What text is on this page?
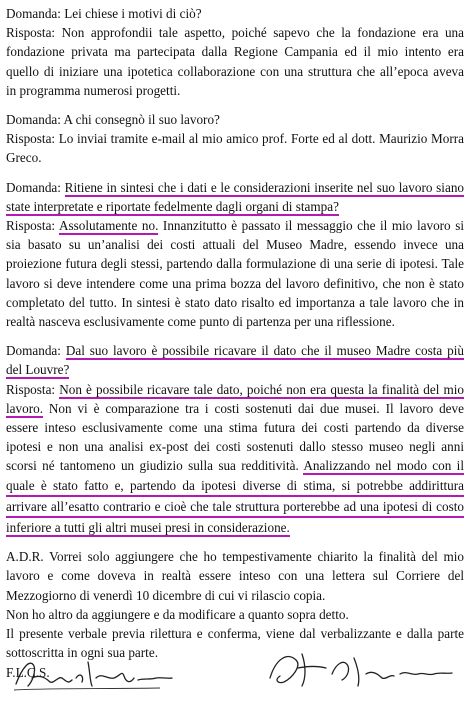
Domanda: Lei chiese i motivi di ciò?
Risposta: Non approfondii tale aspetto, poiché sapevo che la fondazione era una
fondazione privata ma partecipata dalla Regione Campania ed il mio intento era
quello di iniziare una ipotetica collaborazione con una struttura che all’epoca aveva
in programma numerosi progetti.
Domanda: A chi consegnò il suo lavoro?
Risposta: Lo inviai tramite e-mail al mio amico prof. Forte ed al dott. Maurizio Morra
Greco.
Domanda: Ritiene in sintesi che i dati e le considerazioni inserite nel suo lavoro siano
state interpretate e riportate fedelmente dagli organi di stampa?
Risposta: Assolutamente no. Innanzitutto è passato il messaggio che il mio lavoro si
sia basato su un’analisi dei costi attuali del Museo Madre, essendo invece una
proiezione futura degli stessi, partendo dalla formulazione di una serie di ipotesi. Tale
lavoro si deve intendere come una prima bozza del lavoro definitivo, che non è stato
completato del tutto. In sintesi è stato dato risalto ed importanza a tale lavoro che in
realtà nasceva esclusivamente come punto di partenza per una riflessione.
Domanda: Dal suo lavoro è possibile ricavare il dato che il museo Madre costa più
del Louvre?
Risposta: Non è possibile ricavare tale dato, poiché non era questa la finalità del mio
lavoro. Non vi è comparazione tra i costi sostenuti dai due musei. Il lavoro deve
essere inteso esclusivamente come una stima futura dei costi partendo da diverse
ipotesi e non una analisi ex-post dei costi sostenuti dallo stesso museo negli anni
scorsi né tantomeno un giudizio sulla sua redditività. Analizzando nel modo con il
quale è stato fatto e, partendo da ipotesi diverse di stima, si potrebbe addirittura
arrivare all’esatto contrario e cioè che tale struttura porterebbe ad una ipotesi di costo
inferiore a tutti gli altri musei presi in considerazione.
A.D.R. Vorrei solo aggiungere che ho tempestivamente chiarito la finalità del mio
lavoro e come doveva in realtà essere inteso con una lettera sul Corriere del
Mezzogiorno di venerdì 10 dicembre di cui vi rilascio copia.
Non ho altro da aggiungere e da modificare a quanto sopra detto.
Il presente verbale previa rilettura e conferma, viene dal verbalizzante e dalla parte
sottoscritta in ogni sua parte.
F.L.C.S.
